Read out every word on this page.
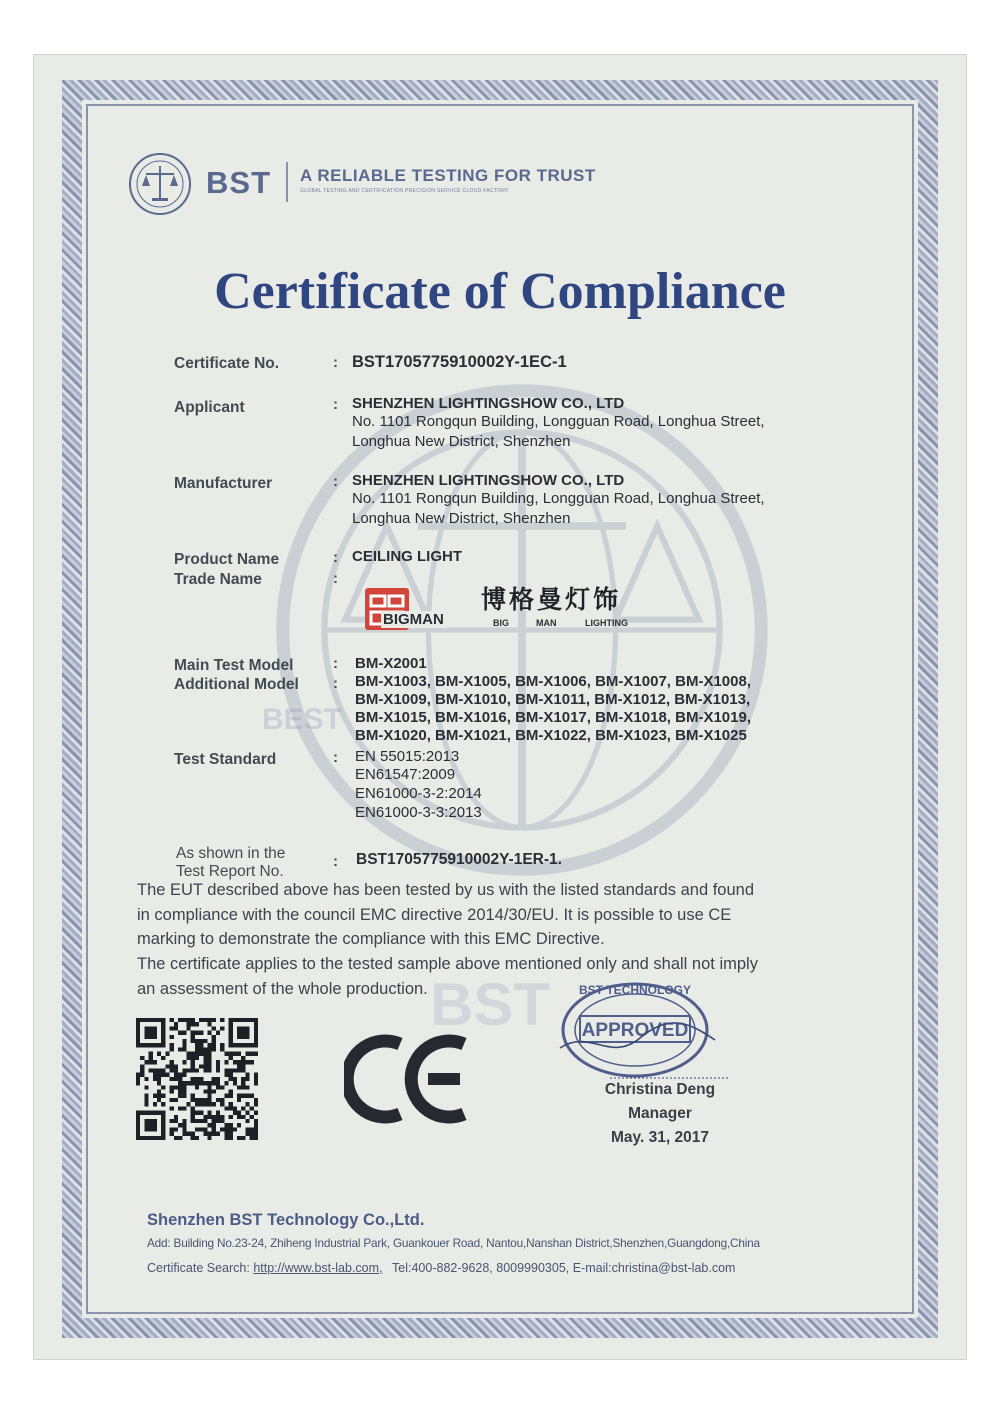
BEST
BST
BST A RELIABLE TESTING FOR TRUST
GLOBAL TESTING AND CERTIFICATION PRECISION SERVICE CLOUD FACTORY
Certificate of Compliance
Certificate No.	: BST1705775910002Y-1EC-1
Applicant	: SHENZHEN LIGHTINGSHOW CO., LTD
No. 1101 Rongqun Building, Longguan Road, Longhua Street,
Longhua New District, Shenzhen
Manufacturer	: SHENZHEN LIGHTINGSHOW CO., LTD
No. 1101 Rongqun Building, Longguan Road, Longhua Street,
Longhua New District, Shenzhen
Product Name	: CEILING LIGHT
Trade Name	:
BIGMAN
博格曼灯饰
BIG	MAN	LIGHTING
Main Test Model	: BM-X2001
Additional Model : BM-X1003, BM-X1005, BM-X1006, BM-X1007, BM-X1008,
BM-X1009, BM-X1010, BM-X1011, BM-X1012, BM-X1013,
BM-X1015, BM-X1016, BM-X1017, BM-X1018, BM-X1019,
BM-X1020, BM-X1021, BM-X1022, BM-X1023, BM-X1025
Test Standard	: EN 55015:2013
EN61547:2009
EN61000-3-2:2014
EN61000-3-3:2013
As shown in the
Test Report No.
: BST1705775910002Y-1ER-1.
The EUT described above has been tested by us with the listed standards and found
in compliance with the council EMC directive 2014/30/EU. It is possible to use CE
marking to demonstrate the compliance with this EMC Directive.
The certificate applies to the tested sample above mentioned only and shall not imply
an assessment of the whole production.
APPROVED
BST TECHNOLOGY
Christina Deng
Manager
May. 31, 2017
Shenzhen BST Technology Co.,Ltd.
Add: Building No.23-24, Zhiheng Industrial Park, Guankouer Road, Nantou,Nanshan District,Shenzhen,Guangdong,China
Certificate Search: http://www.bst-lab.com, Tel:400-882-9628, 8009990305, E-mail:christina@bst-lab.com
